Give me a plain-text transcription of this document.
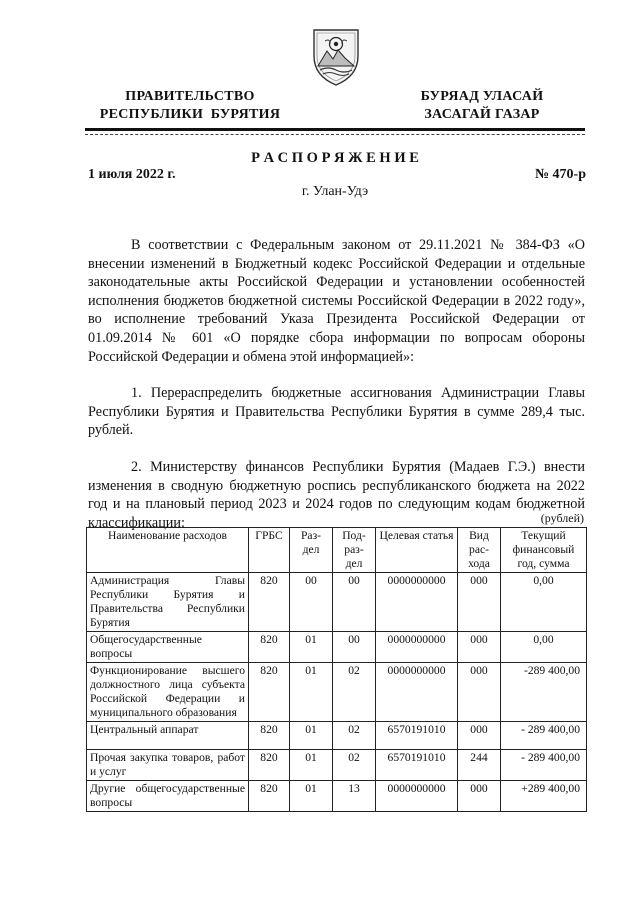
ПРАВИТЕЛЬСТВО
РЕСПУБЛИКИ  БУРЯТИЯ
БУРЯАД УЛАСАЙ
ЗАСАГАЙ ГАЗАР
Р А С П О Р Я Ж Е Н И Е
1 июля 2022 г.	№ 470-р
г. Улан-Удэ

В соответствии с Федеральным законом от 29.11.2021 № 384-ФЗ «О внесении изменений в Бюджетный кодекс Российской Федерации и отдельные законодательные акты Российской Федерации и установлении особенностей исполнения бюджетов бюджетной системы Российской Федерации в 2022 году», во исполнение требований Указа Президента Российской Федерации от 01.09.2014 № 601 «О порядке сбора информации по вопросам обороны Российской Федерации и обмена этой информацией»:

1. Перераспределить бюджетные ассигнования Администрации Главы Республики Бурятия и Правительства Республики Бурятия в сумме 289,4 тыс. рублей.

2. Министерству финансов Республики Бурятия (Мадаев Г.Э.) внести изменения в сводную бюджетную роспись республиканского бюджета на 2022 год и на плановый период 2023 и 2024 годов по следующим кодам бюджетной классификации:	(рублей)
Наименование расходов	ГРБС	Раз-дел	Под-раз-дел	Целевая статья	Вид рас-хода	Текущий финансовый год, сумма
Администрация Главы Республики Бурятия и Правительства Республики Бурятия	820	00	00	0000000000	000	0,00
Общегосударственные вопросы	820	01	00	0000000000	000	0,00
Функционирование высшего должностного лица субъекта Российской Федерации и муниципального образования	820	01	02	0000000000	000	-289 400,00
Центральный аппарат	820	01	02	6570191010	000	- 289 400,00
Прочая закупка товаров, работ и услуг	820	01	02	6570191010	244	- 289 400,00
Другие общегосударственные вопросы	820	01	13	0000000000	000	+289 400,00
